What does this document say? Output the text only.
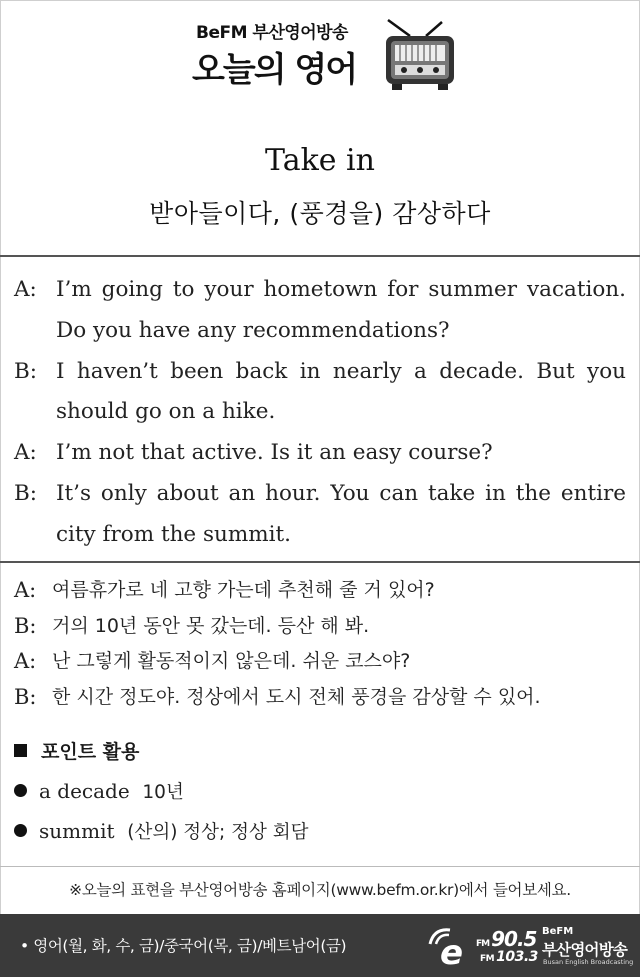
BeFM 부산영어방송
오늘의 영어
Take in
받아들이다, (풍경을) 감상하다
A: I’m going to your hometown for summer vacation. Do you have any recommendations?
B: I haven’t been back in nearly a decade. But you should go on a hike.
A: I’m not that active. Is it an easy course?
B: It’s only about an hour. You can take in the entire city from the summit.
A: 여름휴가로 네 고향 가는데 추천해 줄 거 있어?
B: 거의 10년 동안 못 갔는데. 등산 해 봐.
A: 난 그렇게 활동적이지 않은데. 쉬운 코스야?
B: 한 시간 정도야. 정상에서 도시 전체 풍경을 감상할 수 있어.
포인트 활용
a decade 10년
summit (산의) 정상; 정상 회담
※오늘의 표현을 부산영어방송 홈페이지(www.befm.or.kr)에서 들어보세요.
• 영어(월, 화, 수, 금)/중국어(목, 금)/베트남어(금)	e FM 90.5
FM 103.3
BeFM
부산영어방송
Busan English Broadcasting
